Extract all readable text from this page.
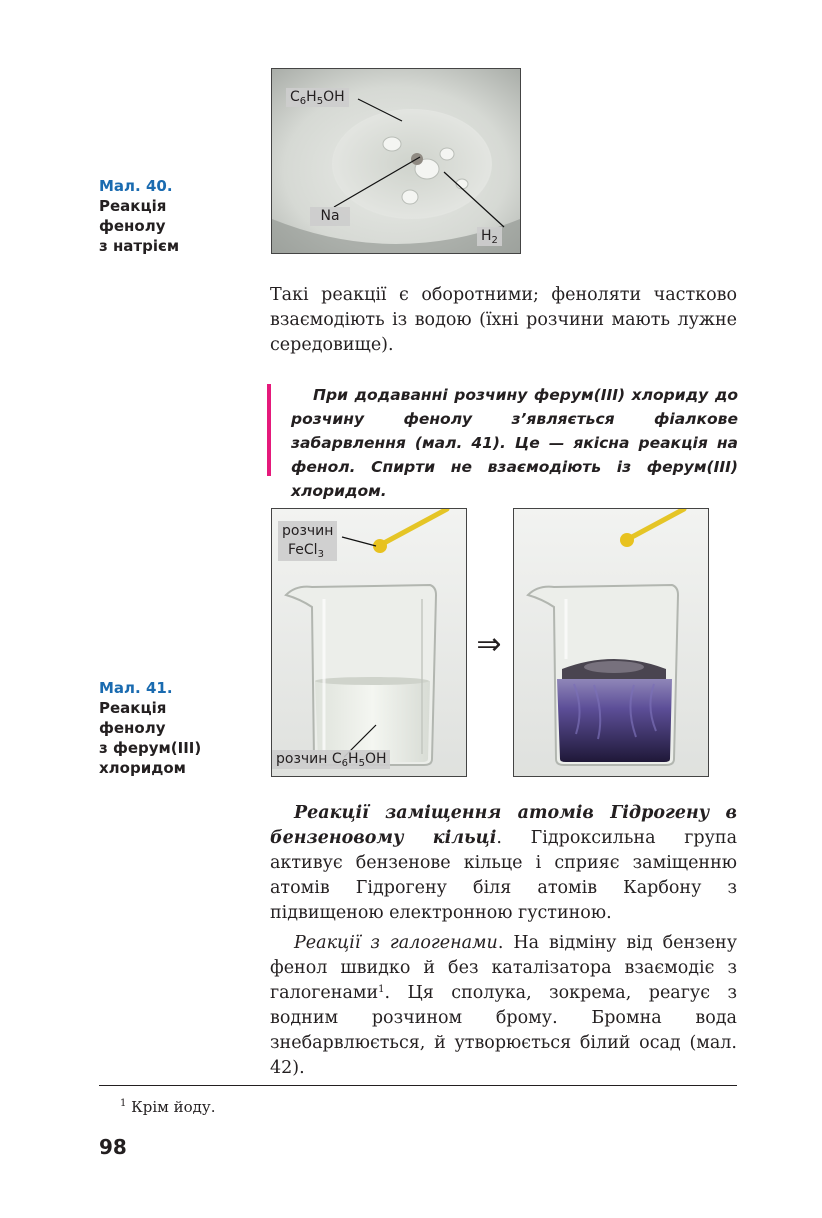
Мал. 40.
Реакція
фенолу
з натрієм
$C_6H_5OH$
Na
$H_2$
Такі реакції є оборотними; феноляти частково взаємодіють із водою (їхні розчини мають лужне середовище).
При додаванні розчину ферум(ІІІ) хлориду до розчину фенолу з’являється фіалкове забарвлення (мал. 41). Це — якісна реакція на фенол. Спирти не взаємодіють із ферум(ІІІ) хлоридом.
Мал. 41.
Реакція
фенолу
з ферум(ІІІ)
хлоридом
розчин
FeCl$_3$
розчин $C_6H_5OH$
⇒
Реакції заміщення атомів Гідрогену в бензеновому кільці. Гідроксильна група активує бензенове кільце і сприяє заміщенню атомів Гідрогену біля атомів Карбону з підвищеною електронною густиною.
Реакції з галогенами. На відміну від бензену фенол швидко й без каталізатора взаємодіє з галогенами$^1$. Ця сполука, зокрема, реагує з водним розчином брому. Бромна вода знебарвлюється, й утворюється білий осад (мал. 42).
$^1$ Крім йоду.
98
